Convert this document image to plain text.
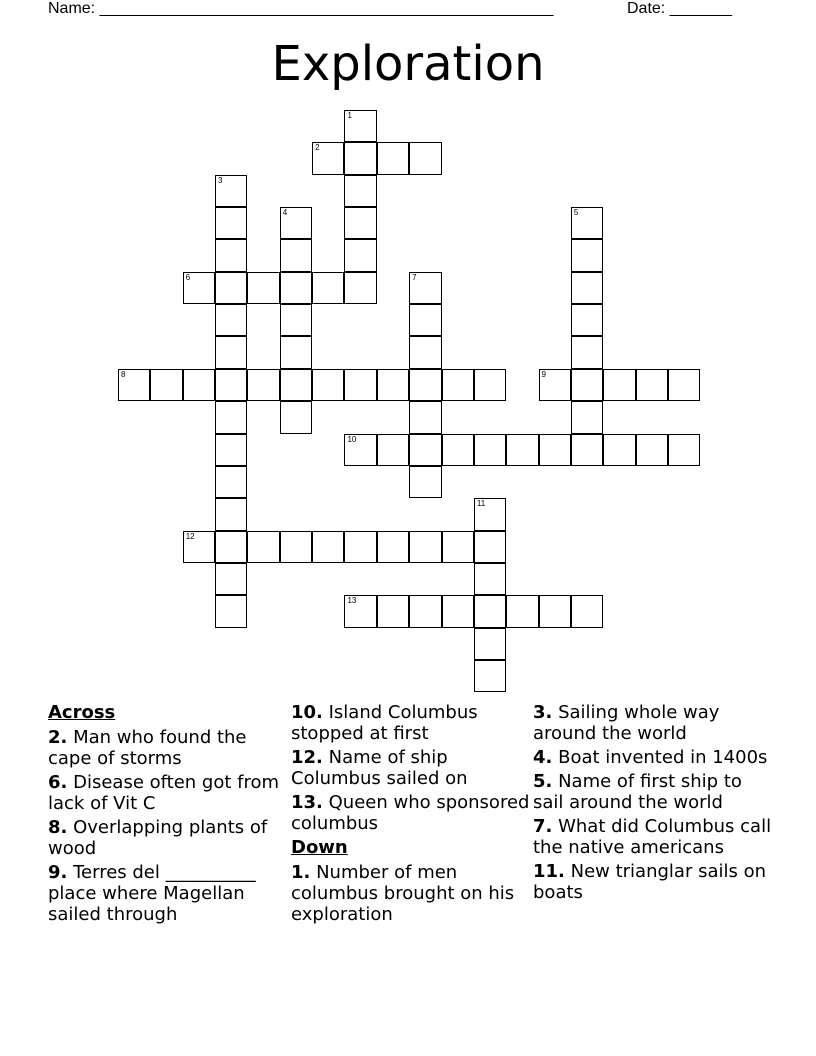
Name: ___________________________________________________	Date: _______
Exploration
2
6
8	9
10
12
13
1
3
4	5
7
11
Across
2. Man who found the cape of storms
6. Disease often got from lack of Vit C
8. Overlapping plants of wood
9. Terres del __________ place where Magellan sailed through
10. Island Columbus stopped at first
12. Name of ship Columbus sailed on
13. Queen who sponsored columbus
Down
1. Number of men columbus brought on his exploration
3. Sailing whole way around the world
4. Boat invented in 1400s
5. Name of first ship to sail around the world
7. What did Columbus call the native americans
11. New trianglar sails on boats
